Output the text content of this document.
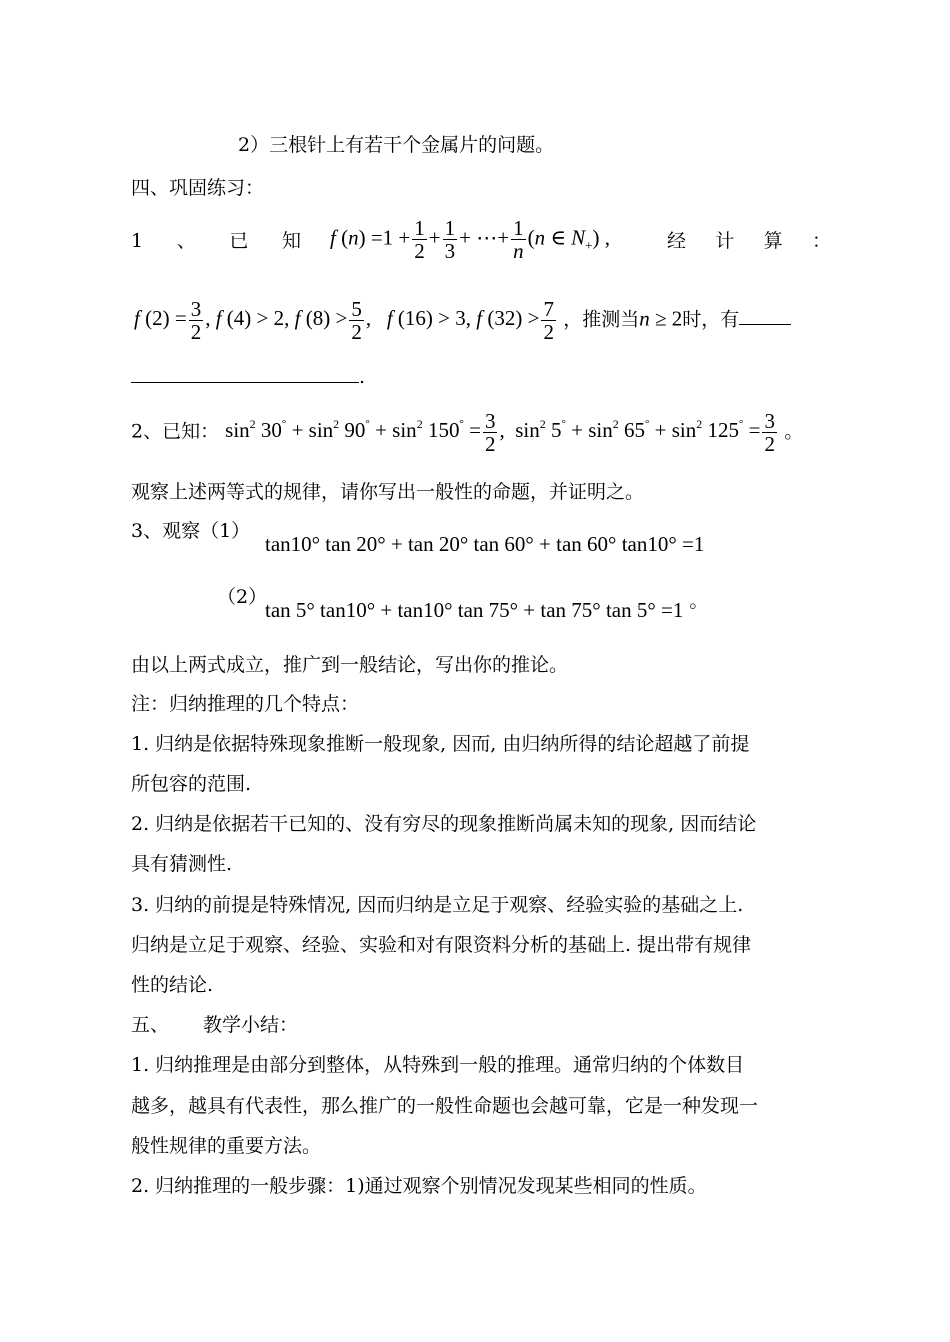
2）三根针上有若干个金属片的问题。
四、巩固练习：
1 、 已 知 f $(n) =1 + \frac{1}{2} + \frac{1}{3}$ + ⋯+ $\frac{1}{n} (n$ ∈ $N_+$) ,	经 计 算 ：
f $(2) = \frac{3}{2}$ , f (4) > 2, f $(8) > \frac{5}{2}$ ,   f (16) > 3, f $(32) > \frac{7}{2}$ ，推测当n ≥ 2时，有
.
2、已知： $\sin^2 30^\circ + \sin^2 90^\circ + \sin^2 150^\circ = \frac{3}{2}$ ,  $\sin^2 5^\circ + \sin^2 65^\circ + \sin^2 125^\circ = \frac{3}{2}$ 。
观察上述两等式的规律，请你写出一般性的命题，并证明之。
3、观察（1）
tan10° tan 20° + tan 20° tan 60° + tan 60° tan10° =1
（2）
tan 5° tan10° + tan10° tan 75° + tan 75° tan 5° =1 。
由以上两式成立，推广到一般结论，写出你的推论。
注：归纳推理的几个特点：
1. 归纳是依据特殊现象推断一般现象, 因而, 由归纳所得的结论超越了前提
所包容的范围.
2. 归纳是依据若干已知的、没有穷尽的现象推断尚属未知的现象, 因而结论
具有猜测性.
3. 归纳的前提是特殊情况, 因而归纳是立足于观察、经验实验的基础之上.
归纳是立足于观察、经验、实验和对有限资料分析的基础上. 提出带有规律
性的结论.
五、 教学小结：
1. 归纳推理是由部分到整体，从特殊到一般的推理。通常归纳的个体数目
越多，越具有代表性，那么推广的一般性命题也会越可靠，它是一种发现一
般性规律的重要方法。
2. 归纳推理的一般步骤：1)通过观察个别情况发现某些相同的性质。
